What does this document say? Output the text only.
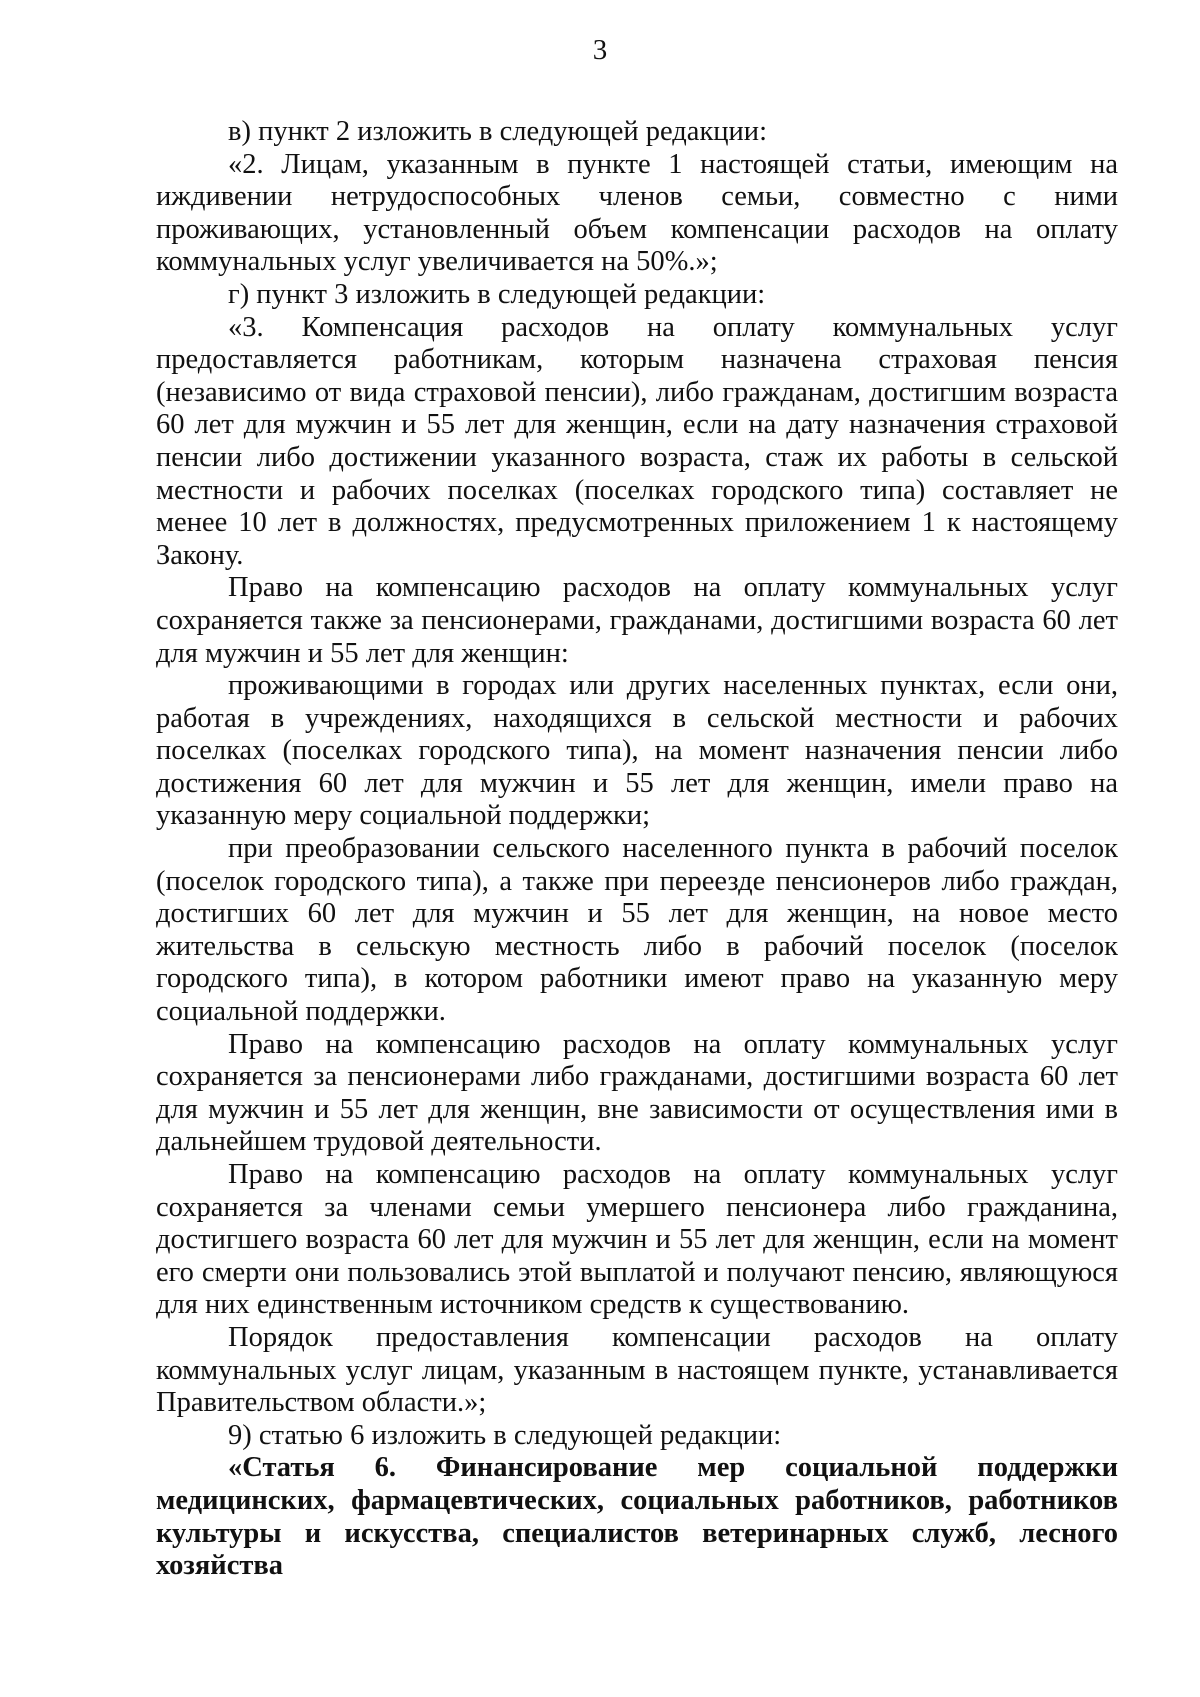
3

в) пункт 2 изложить в следующей редакции:

«2. Лицам, указанным в пункте 1 настоящей статьи, имеющим на иждивении нетрудоспособных членов семьи, совместно с ними проживающих, установленный объем компенсации расходов на оплату коммунальных услуг увеличивается на 50%.»;

г) пункт 3 изложить в следующей редакции:

«3. Компенсация расходов на оплату коммунальных услуг предоставляется работникам, которым назначена страховая пенсия (независимо от вида страховой пенсии), либо гражданам, достигшим возраста 60 лет для мужчин и 55 лет для женщин, если на дату назначения страховой пенсии либо достижении указанного возраста, стаж их работы в сельской местности и рабочих поселках (поселках городского типа) составляет не менее 10 лет в должностях, предусмотренных приложением 1 к настоящему Закону.

Право на компенсацию расходов на оплату коммунальных услуг сохраняется также за пенсионерами, гражданами, достигшими возраста 60 лет для мужчин и 55 лет для женщин:

проживающими в городах или других населенных пунктах, если они, работая в учреждениях, находящихся в сельской местности и рабочих поселках (поселках городского типа), на момент назначения пенсии либо достижения 60 лет для мужчин и 55 лет для женщин, имели право на указанную меру социальной поддержки;

при преобразовании сельского населенного пункта в рабочий поселок (поселок городского типа), а также при переезде пенсионеров либо граждан, достигших 60 лет для мужчин и 55 лет для женщин, на новое место жительства в сельскую местность либо в рабочий поселок (поселок городского типа), в котором работники имеют право на указанную меру социальной поддержки.

Право на компенсацию расходов на оплату коммунальных услуг сохраняется за пенсионерами либо гражданами, достигшими возраста 60 лет для мужчин и 55 лет для женщин, вне зависимости от осуществления ими в дальнейшем трудовой деятельности.

Право на компенсацию расходов на оплату коммунальных услуг сохраняется за членами семьи умершего пенсионера либо гражданина, достигшего возраста 60 лет для мужчин и 55 лет для женщин, если на момент его смерти они пользовались этой выплатой и получают пенсию, являющуюся для них единственным источником средств к существованию.

Порядок предоставления компенсации расходов на оплату коммунальных услуг лицам, указанным в настоящем пункте, устанавливается Правительством области.»;

9) статью 6 изложить в следующей редакции:

«Статья 6. Финансирование мер социальной поддержки медицинских, фармацевтических, социальных работников, работников культуры и искусства, специалистов ветеринарных служб, лесного хозяйства
